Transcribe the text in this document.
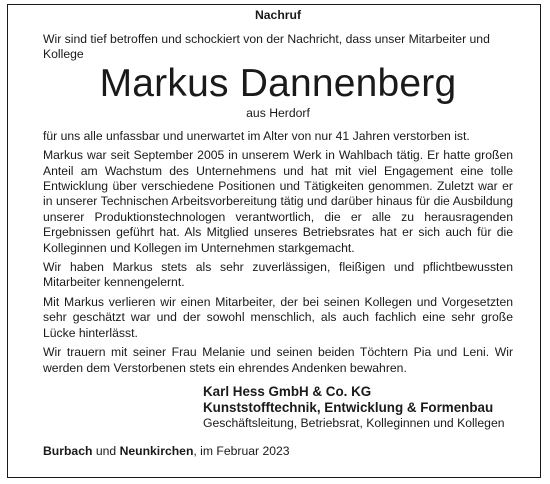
Nachruf

Wir sind tief betroffen und schockiert von der Nachricht, dass unser Mitarbeiter und Kollege

Markus Dannenberg
aus Herdorf

für uns alle unfassbar und unerwartet im Alter von nur 41 Jahren verstorben ist.

Markus war seit September 2005 in unserem Werk in Wahlbach tätig. Er hatte großen Anteil am Wachstum des Unternehmens und hat mit viel Engagement eine tolle Entwicklung über verschiedene Positionen und Tätigkeiten genommen. Zuletzt war er in unserer Technischen Arbeitsvorbereitung tätig und darüber hinaus für die Ausbildung unserer Produktionstechnologen verantwortlich, die er alle zu herausragenden Ergebnissen geführt hat. Als Mitglied unseres Betriebsrates hat er sich auch für die Kolleginnen und Kollegen im Unternehmen starkgemacht.

Wir haben Markus stets als sehr zuverlässigen, fleißigen und pflichtbewussten Mitarbeiter kennengelernt.

Mit Markus verlieren wir einen Mitarbeiter, der bei seinen Kollegen und Vorgesetzten sehr geschätzt war und der sowohl menschlich, als auch fachlich eine sehr große Lücke hinterlässt.

Wir trauern mit seiner Frau Melanie und seinen beiden Töchtern Pia und Leni. Wir werden dem Verstorbenen stets ein ehrendes Andenken bewahren.

Karl Hess GmbH & Co. KG
Kunststofftechnik, Entwicklung & Formenbau
Geschäftsleitung, Betriebsrat, Kolleginnen und Kollegen
Burbach und Neunkirchen, im Februar 2023
